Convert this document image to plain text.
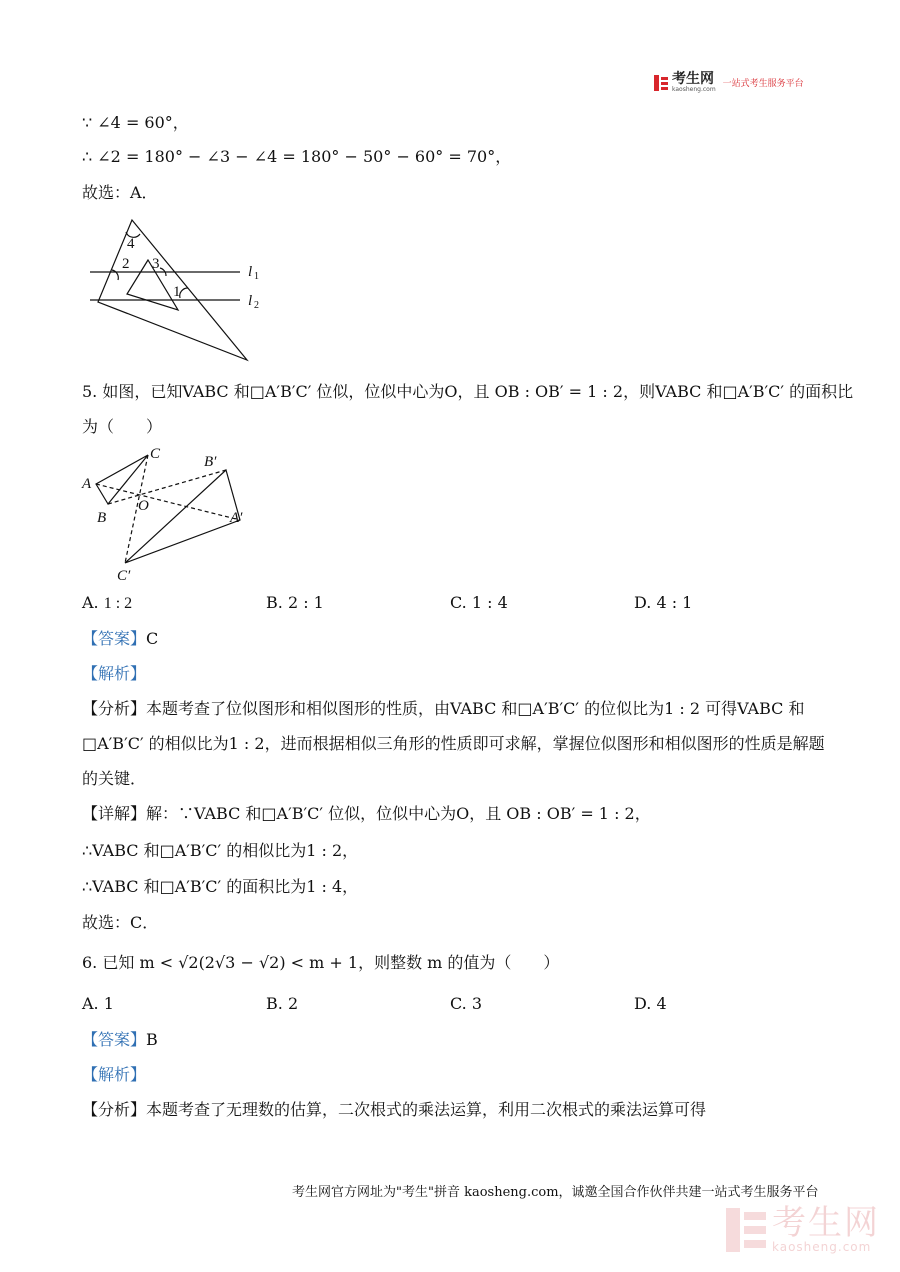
考生网
kaosheng.com
一站式考生服务平台
∵ ∠4 = 60°，
∴ ∠2 = 180° − ∠3 − ∠4 = 180° − 50° − 60° = 70°，
故选：A．
4
2 3
1
l 1
l 2
5. 如图，已知VABC 和□A′B′C′ 位似，位似中心为O，且 OB : OB′ = 1 : 2，则VABC 和□A′B′C′ 的面积比
为（　　）
A
B
C
O
A′
B′
C′
A. 1 : 2	B. 2 : 1	C. 1 : 4	D. 4 : 1
【答案】C
【解析】
【分析】本题考查了位似图形和相似图形的性质，由VABC 和□A′B′C′ 的位似比为1 : 2 可得VABC 和
□A′B′C′ 的相似比为1 : 2，进而根据相似三角形的性质即可求解，掌握位似图形和相似图形的性质是解题
的关键．
【详解】解：∵VABC 和□A′B′C′ 位似，位似中心为O，且 OB : OB′ = 1 : 2，
∴VABC 和□A′B′C′ 的相似比为1 : 2，
∴VABC 和□A′B′C′ 的面积比为1 : 4，
故选：C．
6. 已知 m < √2(2√3 − √2) < m + 1，则整数 m 的值为（　　）
A. 1	B. 2	C. 3	D. 4
【答案】B
【解析】
【分析】本题考查了无理数的估算，二次根式的乘法运算，利用二次根式的乘法运算可得
考生网官方网址为"考生"拼音 kaosheng.com，诚邀全国合作伙伴共建一站式考生服务平台
考生网
kaosheng.com
